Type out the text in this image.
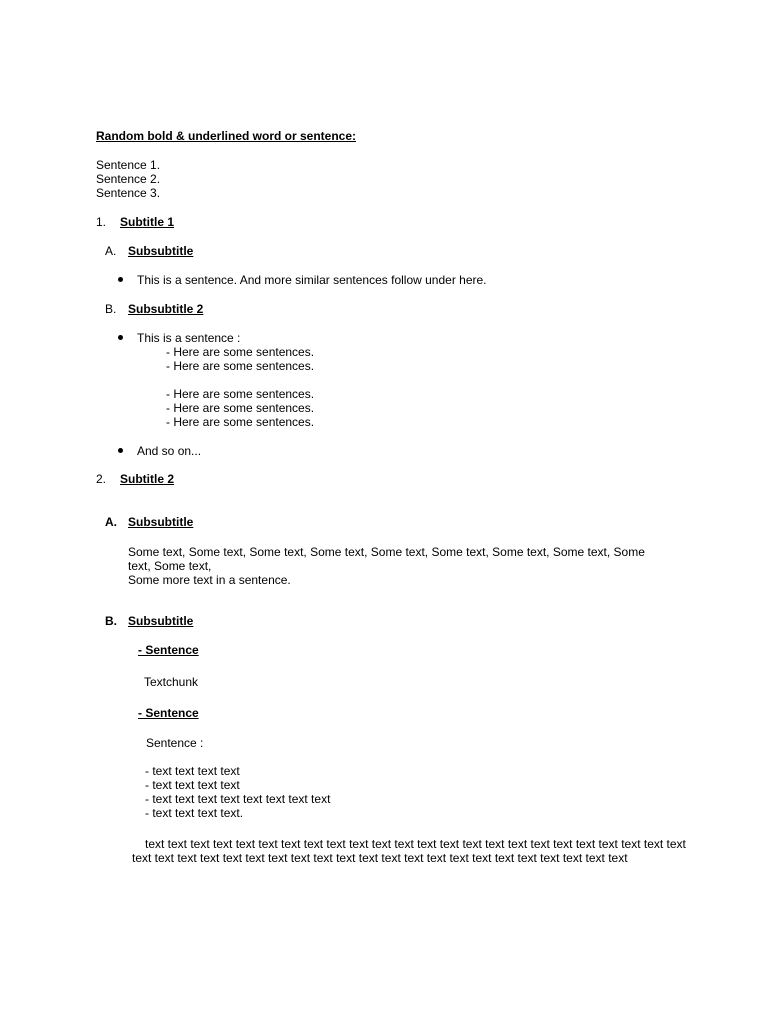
Random bold & underlined word or sentence:
Sentence 1.
Sentence 2.
Sentence 3.
1. Subtitle 1
A. Subsubtitle
This is a sentence. And more similar sentences follow under here.
B. Subsubtitle 2
This is a sentence :
- Here are some sentences.
- Here are some sentences.
- Here are some sentences.
- Here are some sentences.
- Here are some sentences.
And so on...
2. Subtitle 2
A. Subsubtitle
Some text, Some text, Some text, Some text, Some text, Some text, Some text, Some text, Some
text, Some text,
Some more text in a sentence.
B. Subsubtitle
- Sentence
Textchunk
- Sentence
Sentence :
- text text text text
- text text text text
- text text text text text text text text
- text text text text.
text text text text text text text text text text text text text text text text text text text text text text text text
text text text text text text text text text text text text text text text text text text text text text text
